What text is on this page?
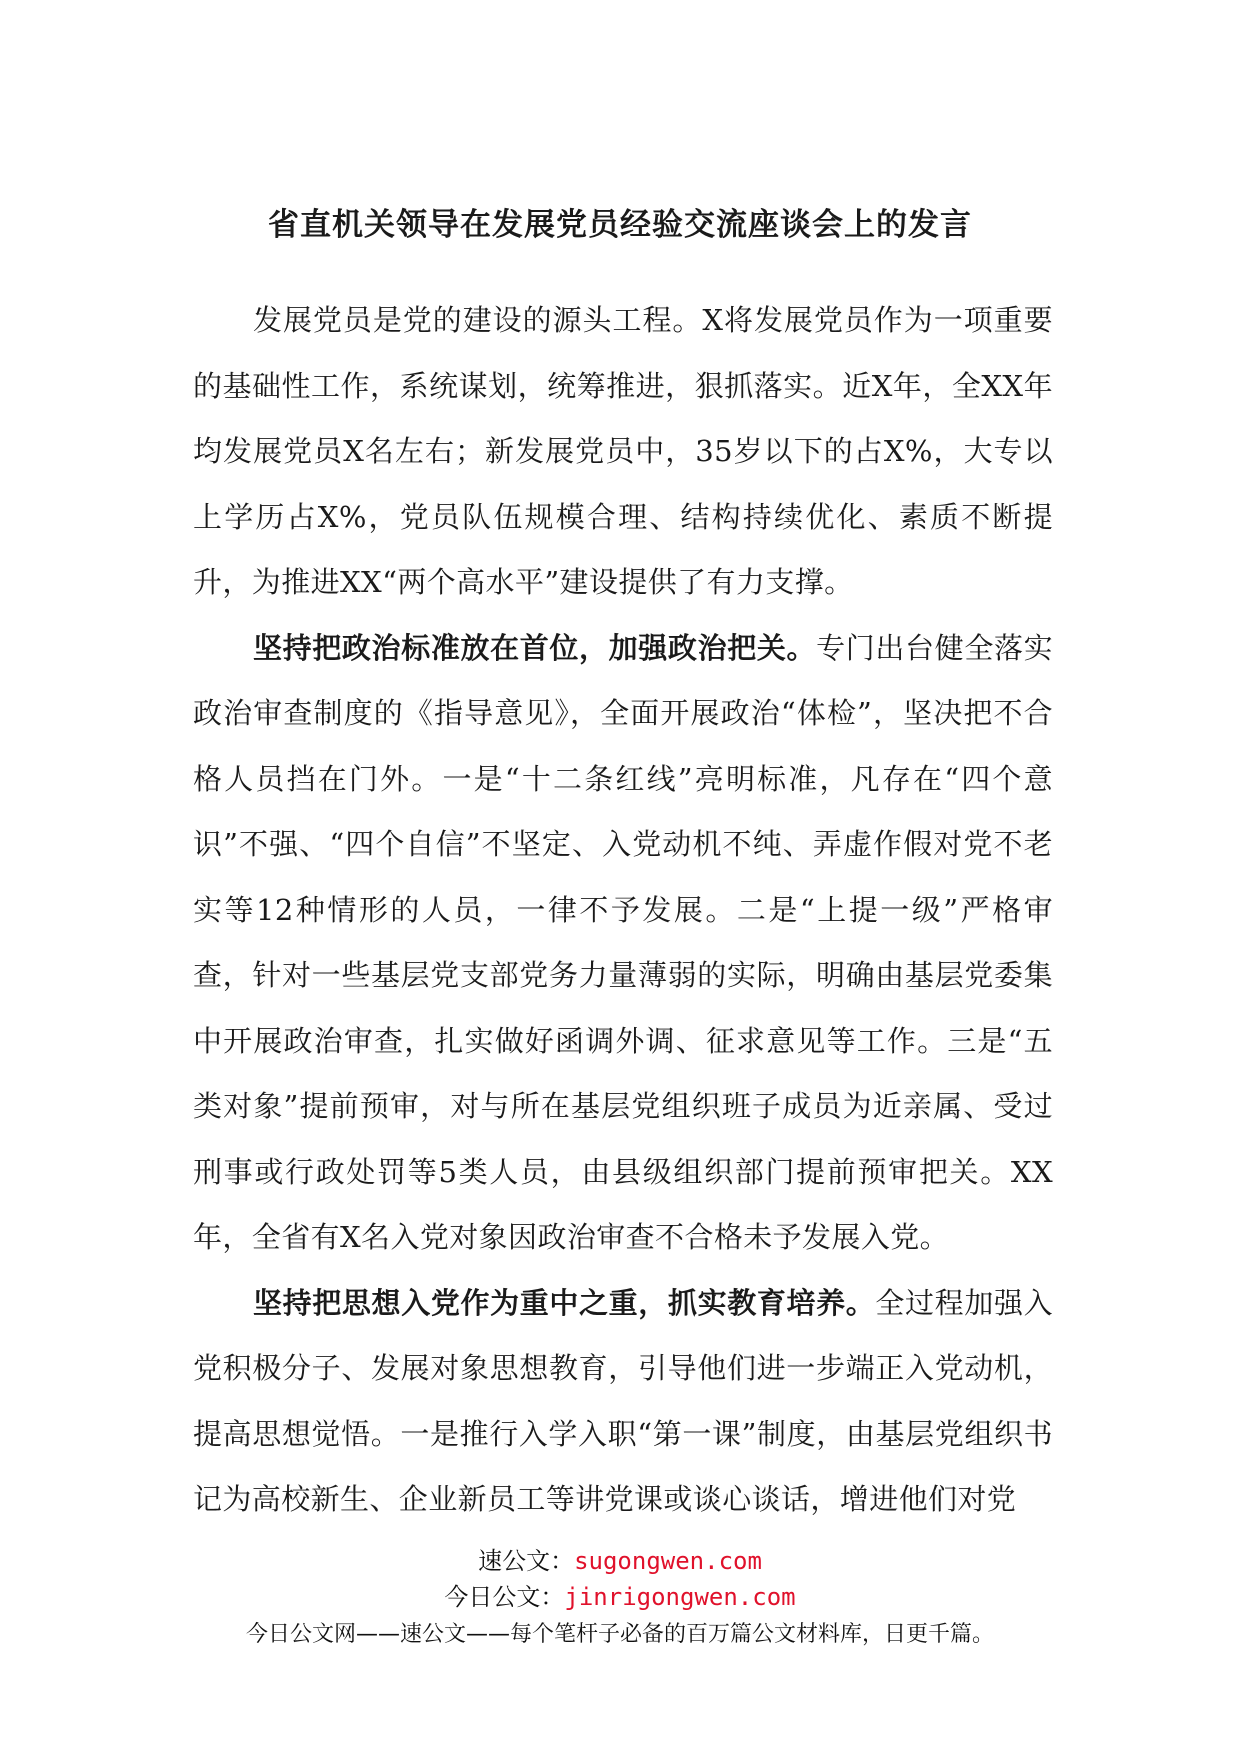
省直机关领导在发展党员经验交流座谈会上的发言

发展党员是党的建设的源头工程。X将发展党员作为一项重要的基础性工作，系统谋划，统筹推进，狠抓落实。近X年，全XX年均发展党员X名左右；新发展党员中，35岁以下的占X%，大专以上学历占X%，党员队伍规模合理、结构持续优化、素质不断提升，为推进XX“两个高水平”建设提供了有力支撑。

坚持把政治标准放在首位，加强政治把关。专门出台健全落实政治审查制度的《指导意见》，全面开展政治“体检”，坚决把不合格人员挡在门外。一是“十二条红线”亮明标准，凡存在“四个意识”不强、“四个自信”不坚定、入党动机不纯、弄虚作假对党不老实等12种情形的人员，一律不予发展。二是“上提一级”严格审查，针对一些基层党支部党务力量薄弱的实际，明确由基层党委集中开展政治审查，扎实做好函调外调、征求意见等工作。三是“五类对象”提前预审，对与所在基层党组织班子成员为近亲属、受过刑事或行政处罚等5类人员，由县级组织部门提前预审把关。XX年，全省有X名入党对象因政治审查不合格未予发展入党。

坚持把思想入党作为重中之重，抓实教育培养。全过程加强入党积极分子、发展对象思想教育，引导他们进一步端正入党动机，提高思想觉悟。一是推行入学入职“第一课”制度，由基层党组织书记为高校新生、企业新员工等讲党课或谈心谈话，增进他们对党

速公文：sugongwen.com
今日公文：jinrigongwen.com
今日公文网——速公文——每个笔杆子必备的百万篇公文材料库，日更千篇。
